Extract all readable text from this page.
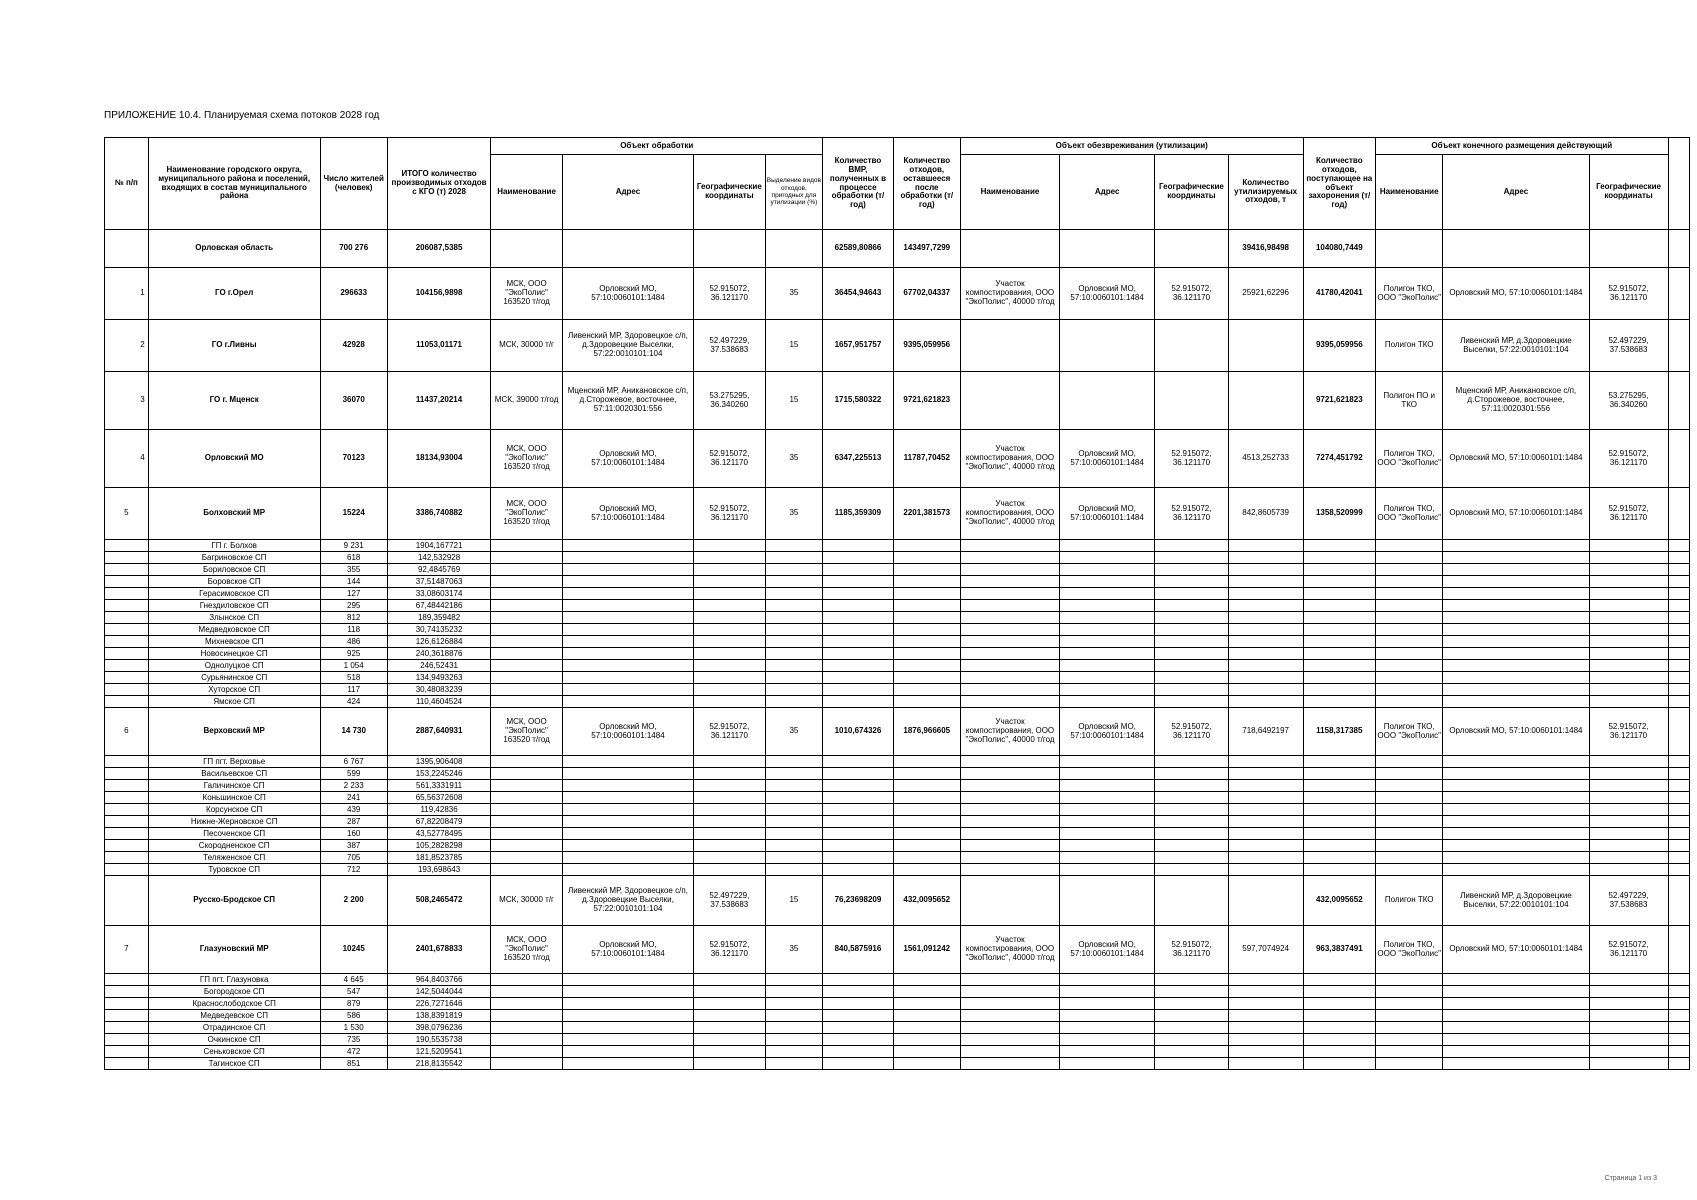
ПРИЛОЖЕНИЕ 10.4. Планируемая схема потоков 2028 год
№ п/п	Наименование городского округа, муниципального района и поселений, входящих в состав муниципального района	Число жителей (человек)	ИТОГО количество производимых отходов с КГО (т) 2028	Объект обработки				Количество ВМР, полученных в процессе обработки (т/год)	Количество отходов, оставшееся после обработки (т/год)	Объект обезвреживания (утилизации)				Количество отходов, поступающее на объект захоронения (т/год)	Объект конечного размещения действующий			
				Наименование	Адрес	Географические координаты	Выделение видов отходов, пригодных для утилизации (%)			Наименование	Адрес	Географические координаты	Количество утилизируемых отходов, т		Наименование	Адрес	Географические координаты	
	Орловская область	700 276	206087,5385					62589,80866	143497,7299				39416,98498	104080,7449				
1	ГО г.Орел	296633	104156,9898	МСК, ООО "ЭкоПолис" 163520 т/год	Орловский МО, 57:10:0060101:1484	52.915072, 36.121170	35	36454,94643	67702,04337	Участок компостирования, ООО "ЭкоПолис", 40000 т/год	Орловский МО, 57:10:0060101:1484	52.915072, 36.121170	25921,62296	41780,42041	Полигон ТКО, ООО "ЭкоПолис"	Орловский МО, 57:10:0060101:1484	52.915072, 36.121170	
2	ГО г.Ливны	42928	11053,01171	МСК, 30000 т/г	Ливенский МР, Здоровецкое с/п, д.Здоровецкие Выселки, 57:22:0010101:104	52.497229, 37.538683	15	1657,951757	9395,059956					9395,059956	Полигон ТКО	Ливенский МР, д.Здоровецкие Выселки, 57:22:0010101:104	52.497229, 37.538683	
3	ГО г. Мценск	36070	11437,20214	МСК, 39000 т/год	Мценский МР, Аникановское с/п, д.Сторожевое, восточнее, 57:11:0020301:556	53.275295, 36.340260	15	1715,580322	9721,621823					9721,621823	Полигон ПО и ТКО	Мценский МР, Аникановское с/п, д.Сторожевое, восточнее, 57:11:0020301:556	53.275295, 36.340260	
4	Орловский МО	70123	18134,93004	МСК, ООО "ЭкоПолис" 163520 т/год	Орловский МО, 57:10:0060101:1484	52.915072, 36.121170	35	6347,225513	11787,70452	Участок компостирования, ООО "ЭкоПолис", 40000 т/год	Орловский МО, 57:10:0060101:1484	52.915072, 36.121170	4513,252733	7274,451792	Полигон ТКО, ООО "ЭкоПолис"	Орловский МО, 57:10:0060101:1484	52.915072, 36.121170	
5	Болховский МР	15224	3386,740882	МСК, ООО "ЭкоПолис" 163520 т/год	Орловский МО, 57:10:0060101:1484	52.915072, 36.121170	35	1185,359309	2201,381573	Участок компостирования, ООО "ЭкоПолис", 40000 т/год	Орловский МО, 57:10:0060101:1484	52.915072, 36.121170	842,8605739	1358,520999	Полигон ТКО, ООО "ЭкоПолис"	Орловский МО, 57:10:0060101:1484	52.915072, 36.121170	
	ГП г. Болхов	9 231	1904,167721															
	Багриновское СП	618	142,532928															
	Бориловское СП	355	92,4845769															
	Боровское СП	144	37,51487063															
	Герасимовское СП	127	33,08603174															
	Гнездиловское СП	295	67,48442186															
	Злынское СП	812	189,359482															
	Медведковское СП	118	30,74135232															
	Михневское СП	486	126,6126884															
	Новосинецкое СП	925	240,3618876															
	Однолуцкое СП	1 054	246,52431															
	Сурьянинское СП	518	134,9493263															
	Хуторское СП	117	30,48083239															
	Ямское СП	424	110,4604524															
6	Верховский МР	14 730	2887,640931	МСК, ООО "ЭкоПолис" 163520 т/год	Орловский МО, 57:10:0060101:1484	52.915072, 36.121170	35	1010,674326	1876,966605	Участок компостирования, ООО "ЭкоПолис", 40000 т/год	Орловский МО, 57:10:0060101:1484	52.915072, 36.121170	718,6492197	1158,317385	Полигон ТКО, ООО "ЭкоПолис"	Орловский МО, 57:10:0060101:1484	52.915072, 36.121170	
	ГП пгт. Верховье	6 767	1395,906408															
	Васильевское СП	599	153,2245246															
	Галичинское СП	2 233	561,3331911															
	Коньшинское СП	241	65,56372608															
	Корсунское СП	439	119,42836															
	Нижне-Жерновское СП	287	67,82208479															
	Песоченское СП	160	43,52778495															
	Скородненское СП	387	105,2828298															
	Теляженское СП	705	181,8523785															
	Туровское СП	712	193,698643															
	Русско-Бродское СП	2 200	508,2465472	МСК, 30000 т/г	Ливенский МР, Здоровецкое с/п, д.Здоровецкие Выселки, 57:22:0010101:104	52.497229, 37.538683	15	76,23698209	432,0095652					432,0095652	Полигон ТКО	Ливенский МР, д.Здоровецкие Выселки, 57:22:0010101:104	52.497229, 37.538683	
7	Глазуновский МР	10245	2401,678833	МСК, ООО "ЭкоПолис" 163520 т/год	Орловский МО, 57:10:0060101:1484	52.915072, 36.121170	35	840,5875916	1561,091242	Участок компостирования, ООО "ЭкоПолис", 40000 т/год	Орловский МО, 57:10:0060101:1484	52.915072, 36.121170	597,7074924	963,3837491	Полигон ТКО, ООО "ЭкоПолис"	Орловский МО, 57:10:0060101:1484	52.915072, 36.121170	
	ГП пгт. Глазуновка	4 645	964,8403766															
	Богородское СП	547	142,5044044															
	Краснослободское СП	879	226,7271646															
	Медведевское СП	586	138,8391819															
	Отрадинское СП	1 530	398,0796236															
	Очкинское СП	735	190,5535738															
	Сеньковское СП	472	121,5209541															
	Тагинское СП	851	218,8135542															
Страница 1 из 3
